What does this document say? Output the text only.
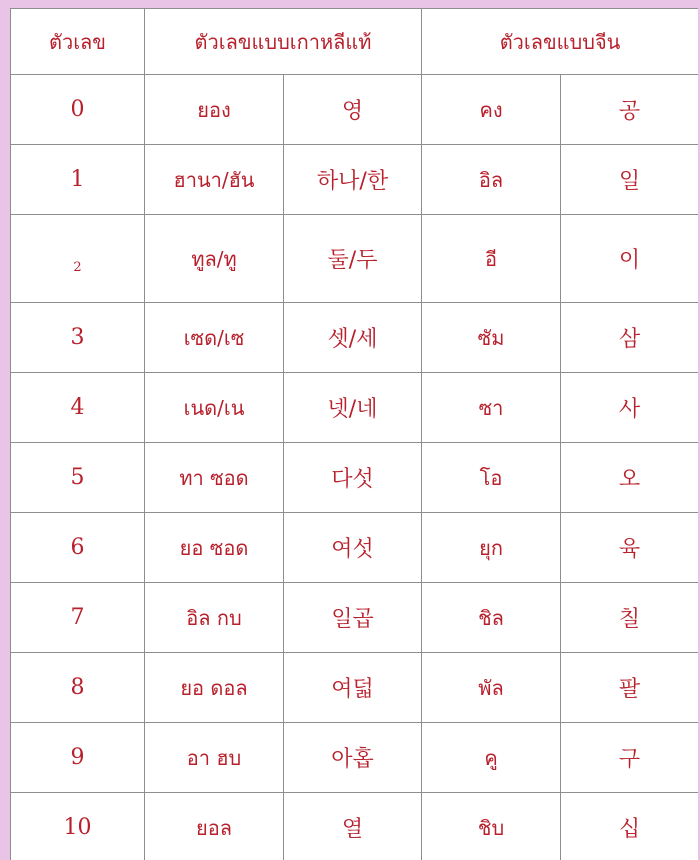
ตัวเลข	ตัวเลขแบบเกาหลีแท้		ตัวเลขแบบจีน	
0	ยอง	영	คง	공
1	ฮานา/ฮัน	하나/한	อิล	일
2	ทูล/ทู	둘/두	อี	이
3	เซด/เซ	셋/세	ซัม	삼
4	เนด/เน	넷/네	ซา	사
5	ทา ซอด	다섯	โอ	오
6	ยอ ซอด	여섯	ยุก	육
7	อิล กบ	일곱	ชิล	칠
8	ยอ ดอล	여덟	พัล	팔
9	อา ฮบ	아홉	คู	구
10	ยอล	열	ชิบ	십
